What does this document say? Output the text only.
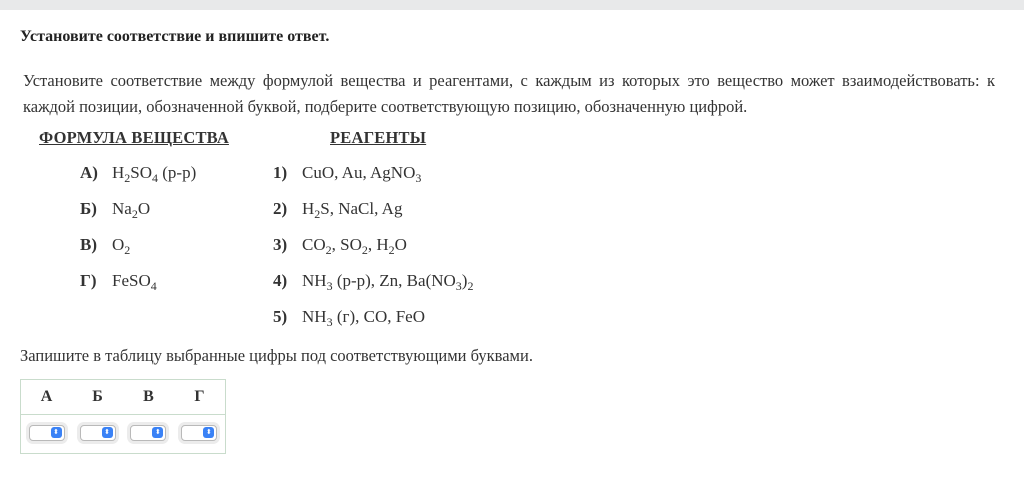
Установите соответствие и впишите ответ.
Установите соответствие между формулой вещества и реагентами, с каждым из которых это вещество может взаимодействовать: к каждой позиции, обозначенной буквой, подберите соответствующую позицию, обозначенную цифрой.
ФОРМУЛА ВЕЩЕСТВА	РЕАГЕНТЫ
А) $H_2SO_4$ (р-р)
Б) $Na_2O$
В) $O_2$
Г) FeSO$_4$
1) CuO, Au, AgNO$_3$
2) $H_2S$, NaCl, Ag
3) $CO_2$, $SO_2$, $H_2O$
4) $NH_3$ (р-р), Zn, $Ba(NO_3)_2$
5) $NH_3$ (г), CO, FeO
Запишите в таблицу выбранные цифры под соответствующими буквами.
А	Б	В	Г

⬍	⬍	⬍	⬍
